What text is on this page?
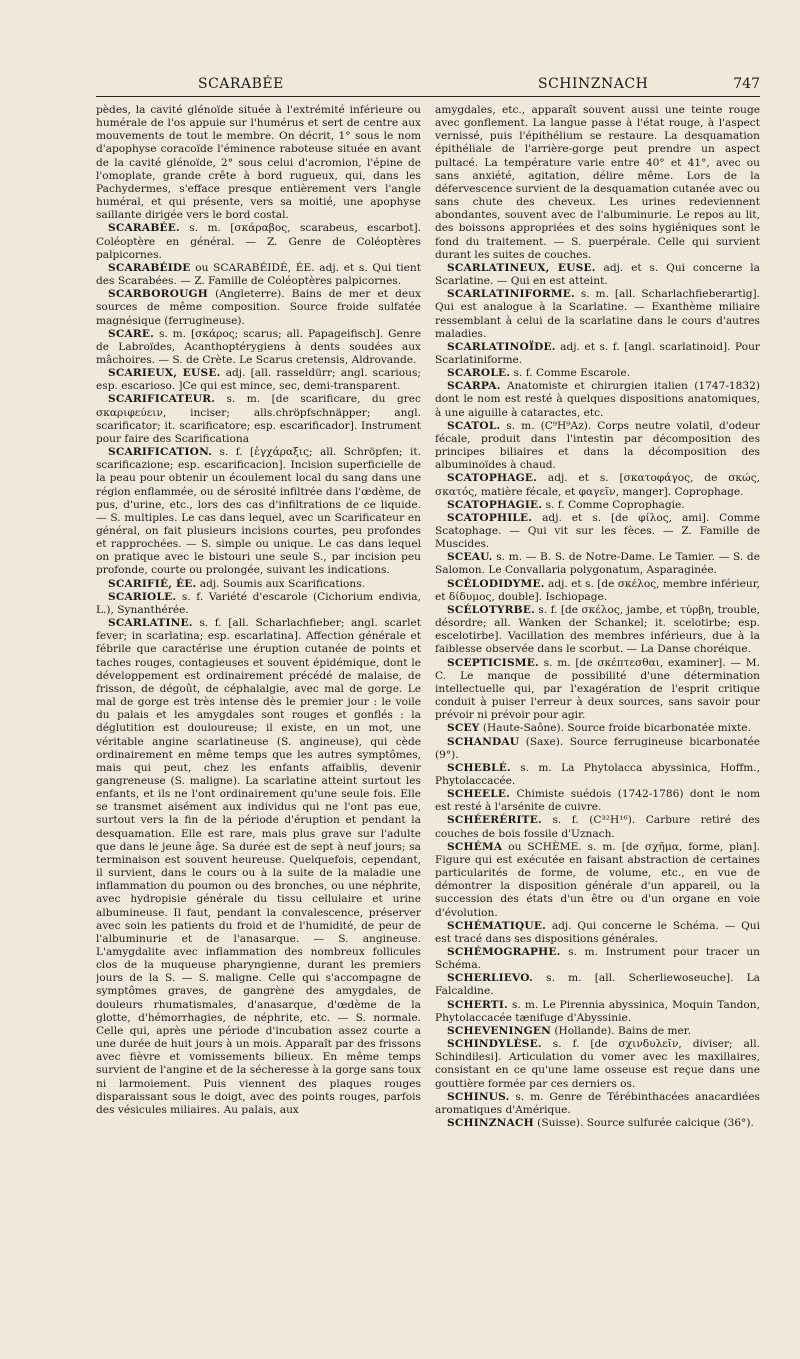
SCARABÉE	SCHINZNACH	747

pèdes, la cavité glénoïde située à l'extrémité inférieure ou humérale de l'os appuie sur l'humérus et sert de centre aux mouvements de tout le membre. On décrit, 1° sous le nom d'apophyse coracoïde l'éminence raboteuse située en avant de la cavité glénoïde, 2° sous celui d'acromion, l'épine de l'omoplate, grande crête à bord rugueux, qui, dans les Pachydermes, s'efface presque entièrement vers l'angle huméral, et qui présente, vers sa moitié, une apophyse saillante dirigée vers le bord costal.

SCARABÉE. s. m. [σκάραβος, scarabeus, escarbot]. Coléoptère en général. — Z. Genre de Coléoptères palpicornes.

SCARABÉIDE ou SCARABÉIDÉ, ÉE. adj. et s. Qui tient des Scarabées. — Z. Famille de Coléoptères palpicornes.

SCARBOROUGH (Angleterre). Bains de mer et deux sources de même composition. Source froide sulfatée magnésique (ferrugineuse).

SCARE. s. m. [σκάρος; scarus; all. Papageifisch]. Genre de Labroïdes, Acanthoptérygiens à dents soudées aux mâchoires. — S. de Crète. Le Scarus cretensis, Aldrovande.

SCARIEUX, EUSE. adj. [all. rasseldürr; angl. scarious; esp. escarioso. ]Ce qui est mince, sec, demi-transparent.

SCARIFICATEUR. s. m. [de scarificare, du grec σκαριφεύειν, inciser; alls.chröpfschnäpper; angl. scarificator; it. scarificatore; esp. escarificador]. Instrument pour faire des Scarificationa

SCARIFICATION. s. f. [ἐγχάραξις; all. Schröpfen; it. scarificazione; esp. escarificacion]. Incision superficielle de la peau pour obtenir un écoulement local du sang dans une région enflammée, ou de sérosité infiltrée dans l'œdème, de pus, d'urine, etc., lors des cas d'infiltrations de ce liquide. — S. multiples. Le cas dans lequel, avec un Scarificateur en général, on fait plusieurs incisions courtes, peu profondes et rapprochées. — S. simple ou unique. Le cas dans lequel on pratique avec le bistouri une seule S., par incision peu profonde, courte ou prolongée, suivant les indications.

SCARIFIÉ, ÉE. adj. Soumis aux Scarifications.

SCARIOLE. s. f. Variété d'escarole (Cichorium endivia, L.), Synanthérée.

SCARLATINE. s. f. [all. Scharlachfieber; angl. scarlet fever; in scarlatina; esp. escarlatina]. Affection générale et fébrile que caractérise une éruption cutanée de points et taches rouges, contagieuses et souvent épidémique, dont le développement est ordinairement précédé de malaise, de frisson, de dégoût, de céphalalgie, avec mal de gorge. Le mal de gorge est très intense dès le premier jour : le voile du palais et les amygdales sont rouges et gonflés : la déglutition est douloureuse; il existe, en un mot, une véritable angine scarlatineuse (S. angineuse), qui cède ordinairement en même temps que les autres symptômes, mais qui peut, chez les enfants affaiblis, devenir gangreneuse (S. maligne). La scarlatine atteint surtout les enfants, et ils ne l'ont ordinairement qu'une seule fois. Elle se transmet aisément aux individus qui ne l'ont pas eue, surtout vers la fin de la période d'éruption et pendant la desquamation. Elle est rare, mais plus grave sur l'adulte que dans le jeune âge. Sa durée est de sept à neuf jours; sa terminaison est souvent heureuse. Quelquefois, cependant, il survient, dans le cours ou à la suite de la maladie une inflammation du poumon ou des bronches, ou une néphrite, avec hydropisie générale du tissu cellulaire et urine albumineuse. Il faut, pendant la convalescence, préserver avec soin les patients du froid et de l'humidité, de peur de l'albuminurie et de l'anasarque. — S. angineuse. L'amygdalite avec inflammation des nombreux follicules clos de la muqueuse pharyngienne, durant les premiers jours de la S. — S. maligne. Celle qui s'accompagne de symptômes graves, de gangrène des amygdales, de douleurs rhumatismales, d'anasarque, d'œdème de la glotte, d'hémorrhagies, de néphrite, etc. — S. normale. Celle qui, après une période d'incubation assez courte a une durée de huit jours à un mois. Apparaît par des frissons avec fièvre et vomissements bilieux. En même temps survient de l'angine et de la sécheresse à la gorge sans toux ni larmoiement. Puis viennent des plaques rouges disparaissant sous le doigt, avec des points rouges, parfois des vésicules miliaires. Au palais, aux

amygdales, etc., apparaît souvent aussi une teinte rouge avec gonflement. La langue passe à l'état rouge, à l'aspect vernissé, puis l'épithélium se restaure. La desquamation épithéliale de l'arrière-gorge peut prendre un aspect pultacé. La température varie entre 40° et 41°, avec ou sans anxiété, agitation, délire même. Lors de la défervescence survient de la desquamation cutanée avec ou sans chute des cheveux. Les urines redeviennent abondantes, souvent avec de l'albuminurie. Le repos au lit, des boissons appropriées et des soins hygiéniques sont le fond du traitement. — S. puerpérale. Celle qui survient durant les suites de couches.

SCARLATINEUX, EUSE. adj. et s. Qui concerne la Scarlatine. — Qui en est atteint.

SCARLATINIFORME. s. m. [all. Scharlachfieberartig]. Qui est analogue à la Scarlatine. — Exanthème miliaire ressemblant à celui de la scarlatine dans le cours d'autres maladies.

SCARLATINOÏDE. adj. et s. f. [angl. scarlatinoid]. Pour Scarlatiniforme.

SCAROLE. s. f. Comme Escarole.

SCARPA. Anatomiste et chirurgien italien (1747-1832) dont le nom est resté à quelques dispositions anatomiques, à une aiguille à cataractes, etc.

SCATOL. s. m. (C⁹H⁹Az). Corps neutre volatil, d'odeur fécale, produit dans l'intestin par décomposition des principes biliaires et dans la décomposition des albuminoïdes à chaud.

SCATOPHAGE. adj. et s. [σκατοφάγος, de σκώς, σκατός, matière fécale, et φαγεῖν, manger]. Coprophage.

SCATOPHAGIE. s. f. Comme Coprophagie.

SCATOPHILE. adj. et s. [de φίλος, ami]. Comme Scatophage. — Qui vit sur les fèces. — Z. Famille de Muscides.

SCEAU. s. m. — B. S. de Notre-Dame. Le Tamier. — S. de Salomon. Le Convallaria polygonatum, Asparaginée.

SCÉLODIDYME. adj. et s. [de σκέλος, membre inférieur, et δίδυμος, double]. Ischiopage.

SCÉLOTYRBE. s. f. [de σκέλος, jambe, et τύρβη, trouble, désordre; all. Wanken der Schankel; it. scelotirbe; esp. escelotirbe]. Vacillation des membres inférieurs, due à la faiblesse observée dans le scorbut. — La Danse choréique.

SCEPTICISME. s. m. [de σκέπτεσθαι, examiner]. — M. C. Le manque de possibilité d'une détermination intellectuelle qui, par l'exagération de l'esprit critique conduit à puiser l'erreur à deux sources, sans savoir pour prévoir ni prévoir pour agir.

SCEY (Haute-Saône). Source froide bicarbonatée mixte.

SCHANDAU (Saxe). Source ferrugineuse bicarbonatée (9°).

SCHEBLÉ. s. m. La Phytolacca abyssinica, Hoffm., Phytolaccacée.

SCHEELE. Chimiste suédois (1742-1786) dont le nom est resté à l'arsénite de cuivre.

SCHÉERÉRITE. s. f. (C³²H¹⁶). Carbure retiré des couches de bois fossile d'Uznach.

SCHÉMA ou SCHÈME. s. m. [de σχῆμα, forme, plan]. Figure qui est exécutée en faisant abstraction de certaines particularités de forme, de volume, etc., en vue de démontrer la disposition générale d'un appareil, ou la succession des états d'un être ou d'un organe en voie d'évolution.

SCHÉMATIQUE. adj. Qui concerne le Schéma. — Qui est tracé dans ses dispositions générales.

SCHÉMOGRAPHE. s. m. Instrument pour tracer un Schéma.

SCHERLIEVO. s. m. [all. Scherliewoseuche]. La Falcaldine.

SCHERTI. s. m. Le Pirennia abyssinica, Moquin Tandon, Phytolaccacée tænifuge d'Abyssinie.

SCHEVENINGEN (Hollande). Bains de mer.

SCHINDYLÈSE. s. f. [de σχινδυλεῖν, diviser; all. Schindilesi]. Articulation du vomer avec les maxillaires, consistant en ce qu'une lame osseuse est reçue dans une gouttière formée par ces derniers os.

SCHINUS. s. m. Genre de Térébinthacées anacardiées aromatiques d'Amérique.

SCHINZNACH (Suisse). Source sulfurée calcique (36°).
